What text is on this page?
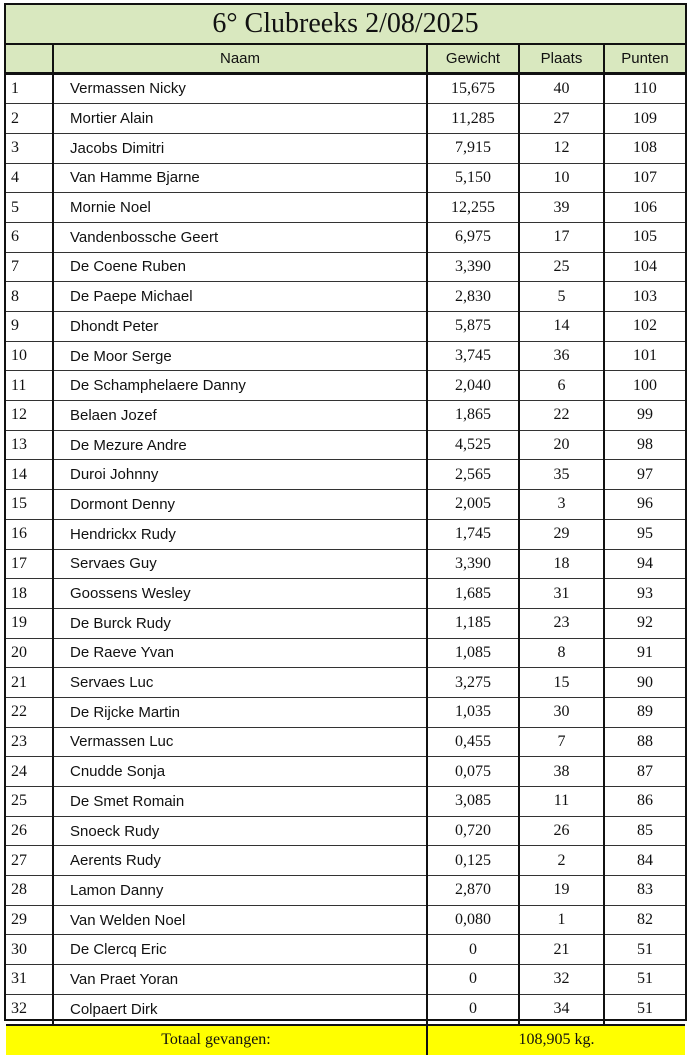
6° Clubreeks 2/08/2025
	Naam	Gewicht	Plaats	Punten
1	Vermassen Nicky	15,675	40	110
2	Mortier Alain	11,285	27	109
3	Jacobs Dimitri	7,915	12	108
4	Van Hamme Bjarne	5,150	10	107
5	Mornie Noel	12,255	39	106
6	Vandenbossche Geert	6,975	17	105
7	De Coene Ruben	3,390	25	104
8	De Paepe Michael	2,830	5	103
9	Dhondt Peter	5,875	14	102
10	De Moor Serge	3,745	36	101
11	De Schamphelaere Danny	2,040	6	100
12	Belaen Jozef	1,865	22	99
13	De Mezure Andre	4,525	20	98
14	Duroi Johnny	2,565	35	97
15	Dormont Denny	2,005	3	96
16	Hendrickx Rudy	1,745	29	95
17	Servaes Guy	3,390	18	94
18	Goossens Wesley	1,685	31	93
19	De Burck Rudy	1,185	23	92
20	De Raeve Yvan	1,085	8	91
21	Servaes Luc	3,275	15	90
22	De Rijcke Martin	1,035	30	89
23	Vermassen Luc	0,455	7	88
24	Cnudde Sonja	0,075	38	87
25	De Smet Romain	3,085	11	86
26	Snoeck Rudy	0,720	26	85
27	Aerents Rudy	0,125	2	84
28	Lamon Danny	2,870	19	83
29	Van Welden Noel	0,080	1	82
30	De Clercq Eric	0	21	51
31	Van Praet Yoran	0	32	51
32	Colpaert Dirk	0	34	51
Totaal gevangen:		108,905 kg.		
